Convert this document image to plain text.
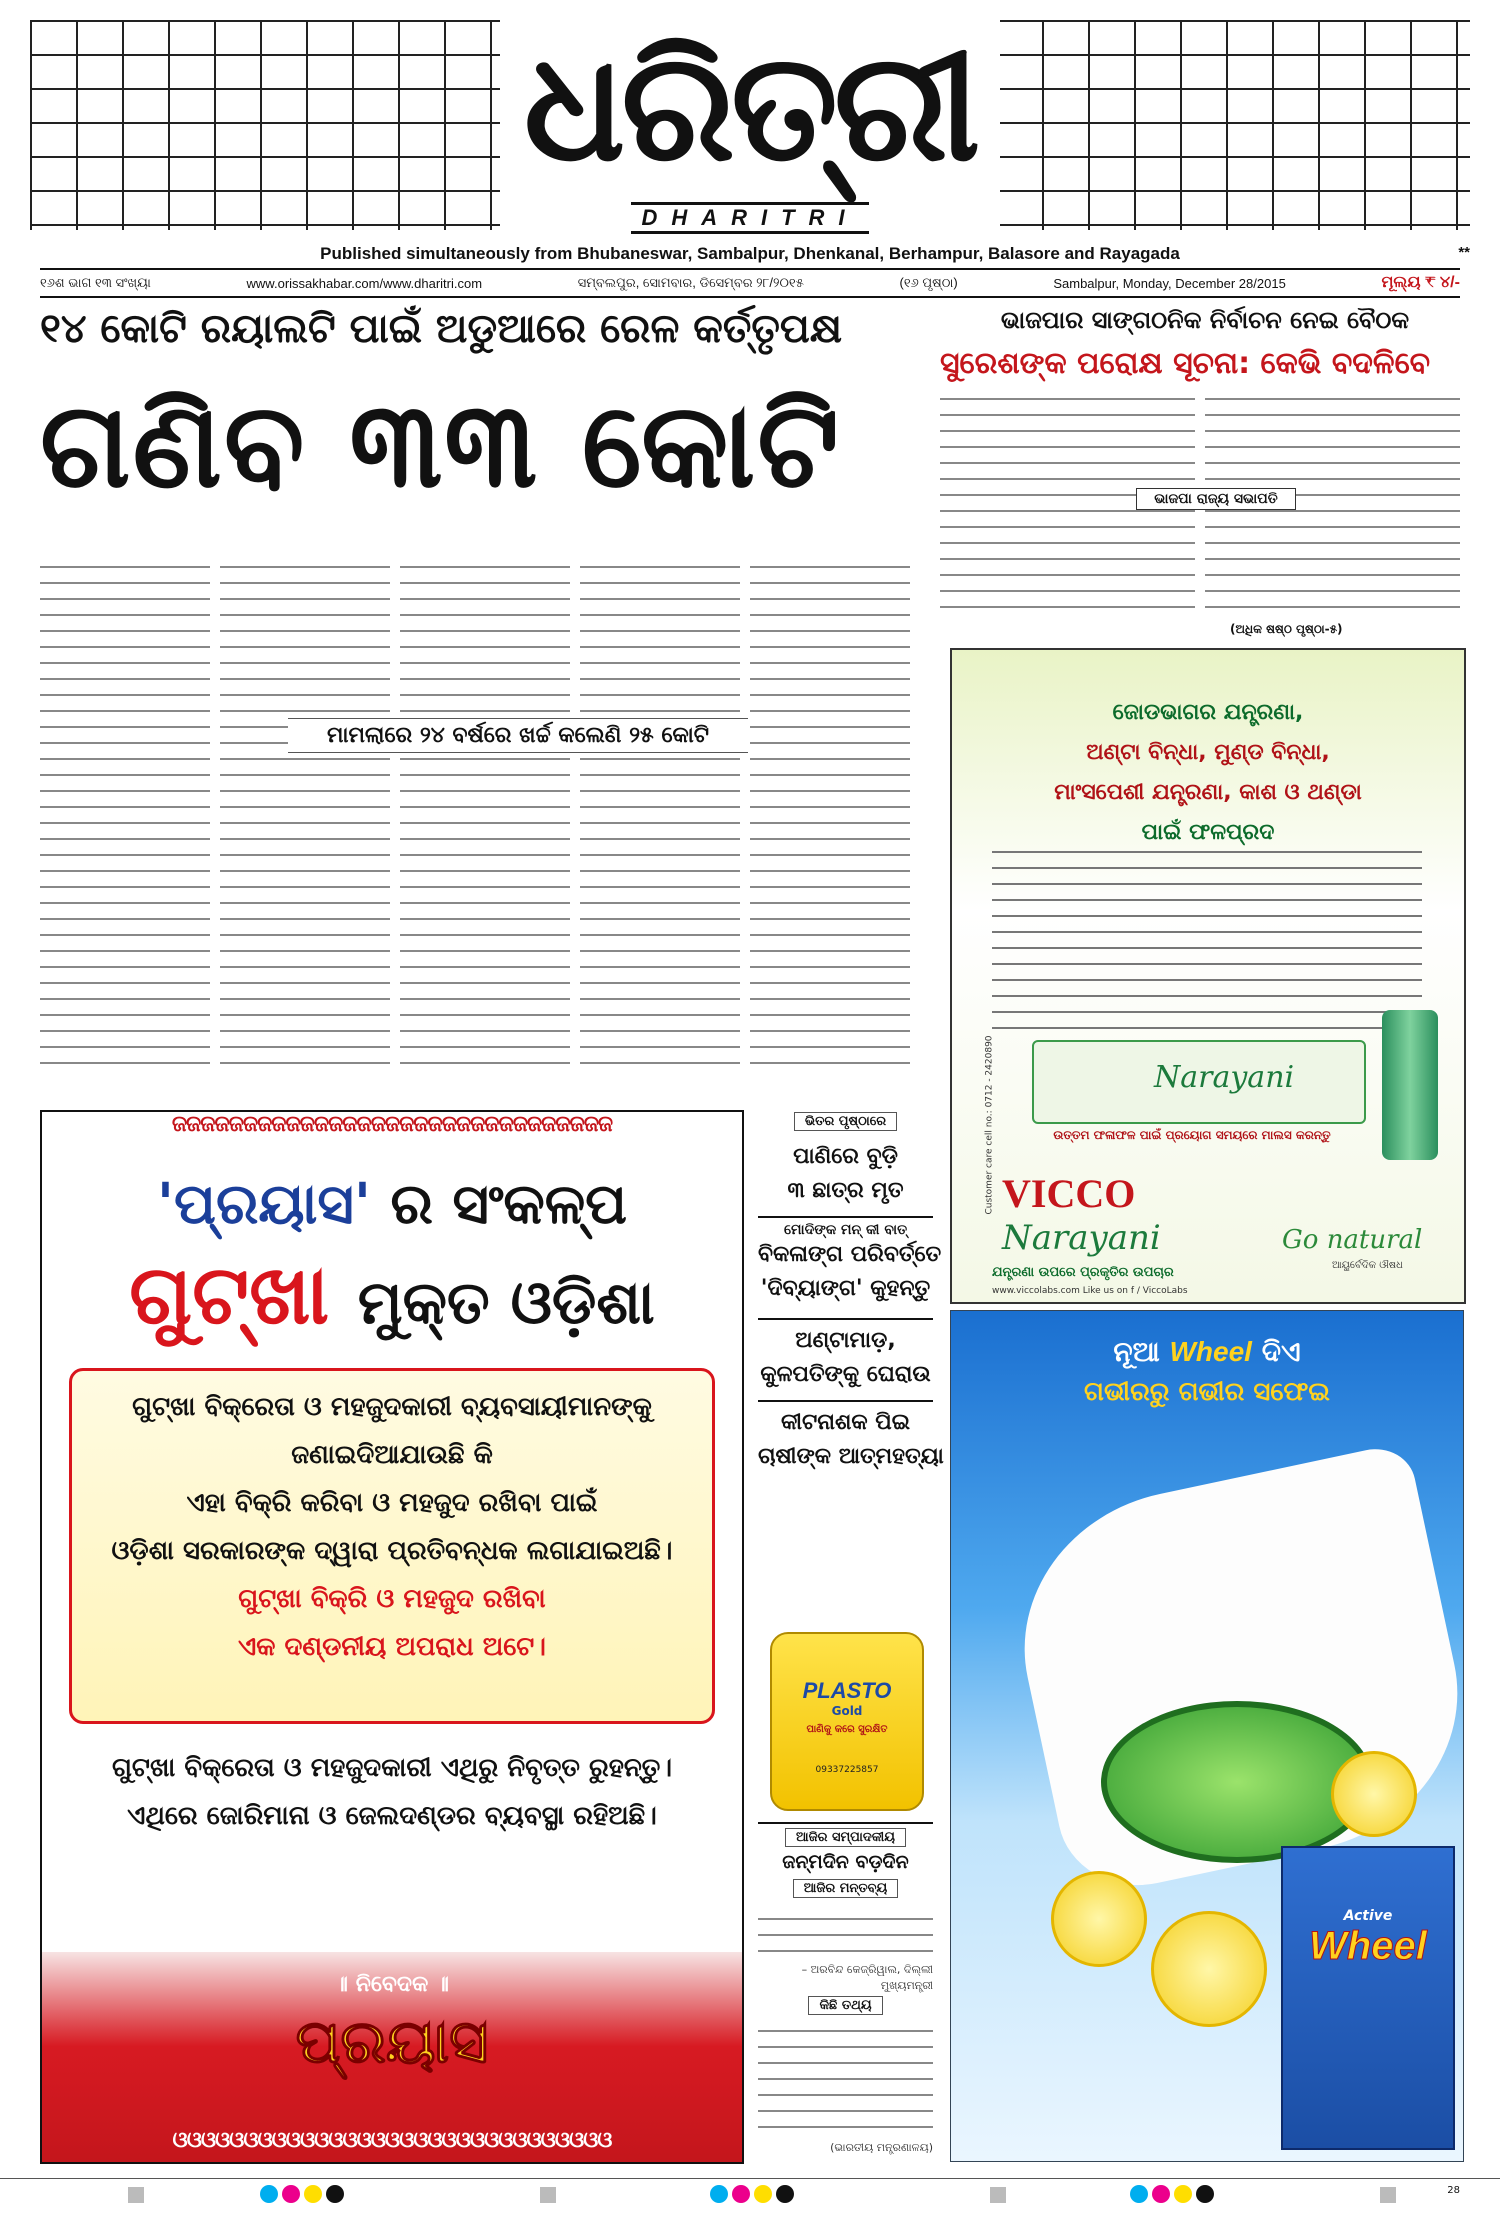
ଧରିତ୍ରୀ
DHARITRI
Published simultaneously from Bhubaneswar, Sambalpur, Dhenkanal, Berhampur, Balasore and Rayagada	**
୧୬ଶ ଭାଗ ୧୩ ସଂଖ୍ୟା	www.orissakhabar.com/www.dharitri.com	ସମ୍ବଲପୁର, ସୋମବାର, ଡିସେମ୍ବର ୨୮/୨୦୧୫	(୧୬ ପୃଷ୍ଠା)	Sambalpur, Monday, December 28/2015	ମୂଲ୍ୟ ₹ ୪/-
୧୪ କୋଟି ରୟାଲଟି ପାଇଁ ଅଡୁଆରେ ରେଳ କର୍ତ୍ତୃପକ୍ଷ
ଗଣିବ ୩୩ କୋଟି
ମାମଲାରେ ୨୪ ବର୍ଷରେ ଖର୍ଚ୍ଚ କଲେଣି ୨୫ କୋଟି
ଭାଜପାର ସାଙ୍ଗଠନିକ ନିର୍ବାଚନ ନେଇ ବୈଠକ
ସୁରେଶଙ୍କ ପରୋକ୍ଷ ସୂଚନା: କେଭି ବଦଳିବେ
ଭାଜପା ରାଜ୍ୟ ସଭାପତି
(ଅଧିକ ଷଷ୍ଠ ପୃଷ୍ଠା-୫)
ଜୋଡଭାଗର ଯନ୍ତ୍ରଣା,
ଅଣ୍ଟା ବିନ୍ଧା, ମୁଣ୍ଡ ବିନ୍ଧା,
ମାଂସପେଶୀ ଯନ୍ତ୍ରଣା, କାଶ ଓ ଥଣ୍ଡା
ପାଇଁ ଫଳପ୍ରଦ
Narayani
ଉତ୍ତମ ଫଳାଫଳ ପାଇଁ ପ୍ରୟୋଗ ସମୟରେ ମାଲସ କରନ୍ତୁ
VICCO
Narayani
ଯନ୍ତ୍ରଣା ଉପରେ ପ୍ରକୃତିର ଉପଚାର
www.viccolabs.com Like us on f / ViccoLabs
Go natural
ଆୟୁର୍ବେଦିକ ଔଷଧ
Customer care cell no.: 0712 - 2420890
ଜଜଜଜଜଜଜଜଜଜଜଜଜଜଜଜଜଜଜଜଜଜଜଜଜଜଜଜଜଜଜ
'ପ୍ରୟାସ' ର ସଂକଳ୍ପ
ଗୁଟ୍‌ଖା ମୁକ୍ତ ଓଡ଼ିଶା
ଗୁଟ୍‌ଖା ବିକ୍ରେତା ଓ ମହଜୁଦକାରୀ ବ୍ୟବସାୟୀମାନଙ୍କୁ
ଜଣାଇଦିଆଯାଉଛି କି
ଏହା ବିକ୍ରି କରିବା ଓ ମହଜୁଦ ରଖିବା ପାଇଁ
ଓଡ଼ିଶା ସରକାରଙ୍କ ଦ୍ୱାରା ପ୍ରତିବନ୍ଧକ ଲଗାଯାଇଅଛି।
ଗୁଟ୍‌ଖା ବିକ୍ରି ଓ ମହଜୁଦ ରଖିବା
ଏକ ଦଣ୍ଡନୀୟ ଅପରାଧ ଅଟେ।
ଗୁଟ୍‌ଖା ବିକ୍ରେତା ଓ ମହଜୁଦକାରୀ ଏଥିରୁ ନିବୃତ୍ତ ରୁହନ୍ତୁ।
ଏଥିରେ ଜୋରିମାନା ଓ ଜେଲଦଣ୍ଡର ବ୍ୟବସ୍ଥା ରହିଅଛି।
॥ ନିବେଦକ ॥
ପ୍ରୟାସ
ଓଓଓଓଓଓଓଓଓଓଓଓଓଓଓଓଓଓଓଓଓଓଓଓଓଓଓଓଓଓଓ
ଭିତର ପୃଷ୍ଠାରେ
ପାଣିରେ ବୁଡ଼ି
୩ ଛାତ୍ର ମୃତ
ମୋଦିଙ୍କ ମନ୍ କୀ ବାତ୍
ବିକଳାଙ୍ଗ ପରିବର୍ତ୍ତେ
'ଦିବ୍ୟାଙ୍ଗ' କୁହନ୍ତୁ
ଅଣ୍ଟାମାଡ଼,
କୁଳପତିଙ୍କୁ ଘେରାଉ
କୀଟନାଶକ ପିଇ
ଚାଷୀଙ୍କ ଆତ୍ମହତ୍ୟା
PLASTO
Gold
ପାଣିକୁ କରେ ସୁରକ୍ଷିତ
09337225857
ଆଜିର ସମ୍ପାଦକୀୟ
ଜନ୍ମଦିନ ବଡ଼ଦିନ
ଆଜିର ମନ୍ତବ୍ୟ
– ଅରବିନ୍ଦ କେଜ୍ରିୱାଲ, ଦିଲ୍ଲୀ ମୁଖ୍ୟମନ୍ତ୍ରୀ
କିଛି ତଥ୍ୟ
(ଭାରତୀୟ ମନ୍ତ୍ରଣାଳୟ)
ନୂଆ Wheel ଦିଏ
ଗଭୀରରୁ ଗଭୀର ସଫେଇ
Active
Wheel
28
